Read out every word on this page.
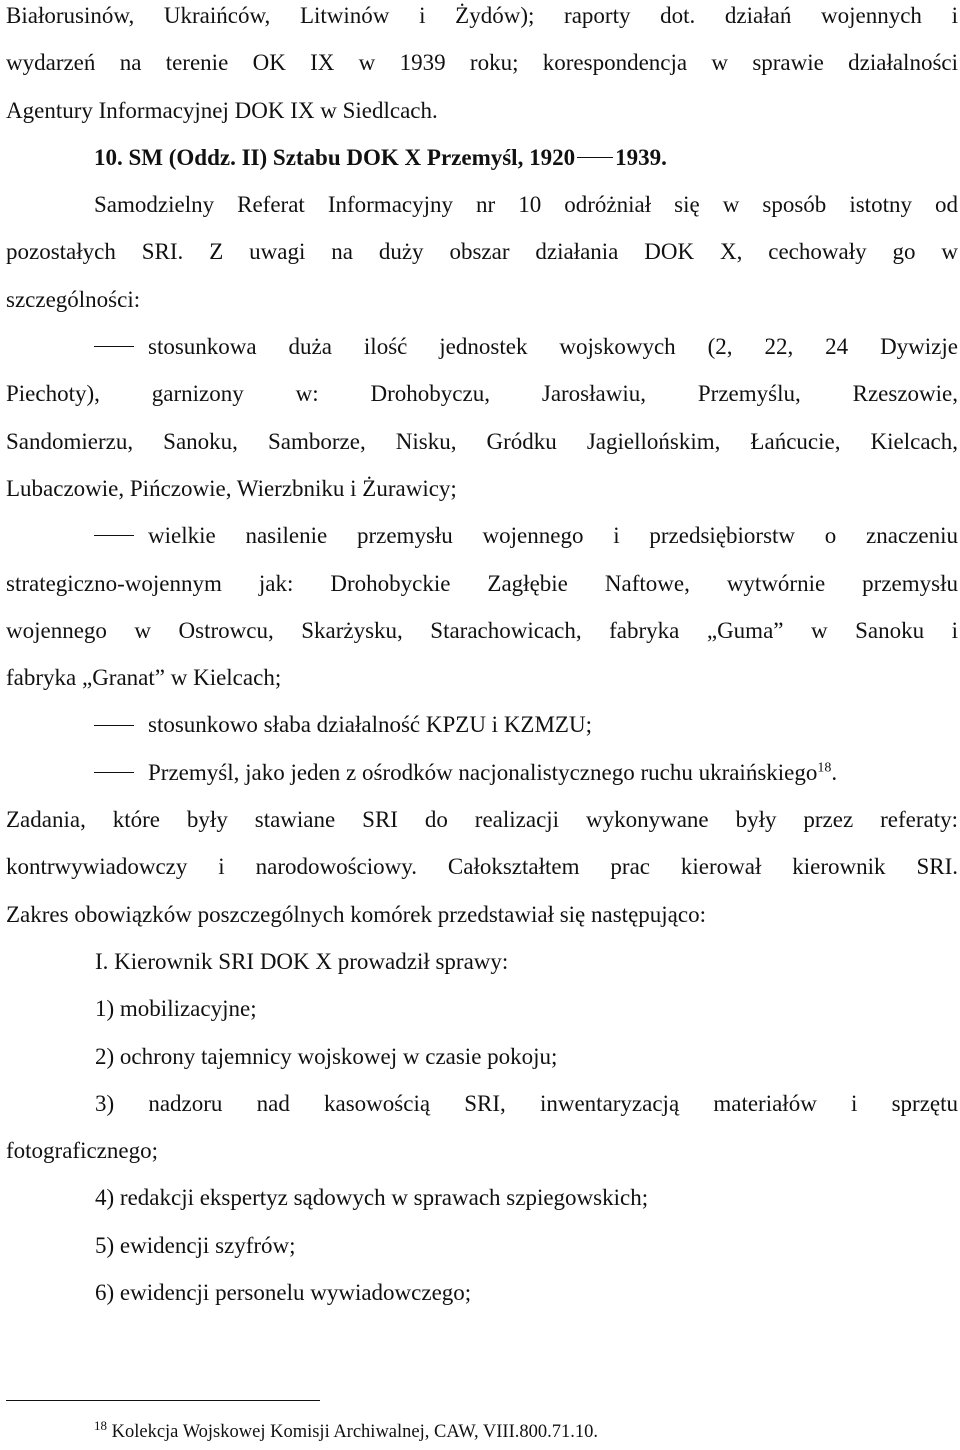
Białorusinów, Ukraińców, Litwinów i Żydów); raporty dot. działań wojennych i
wydarzeń na terenie OK IX w 1939 roku; korespondencja w sprawie działalności
Agentury Informacyjnej DOK IX w Siedlcach.
10. SM (Oddz. II) Sztabu DOK X Przemyśl, 1920 1939.
Samodzielny Referat Informacyjny nr 10 odróżniał się w sposób istotny od
pozostałych SRI. Z uwagi na duży obszar działania DOK X, cechowały go w
szczególności:
stosunkowa duża ilość jednostek wojskowych (2, 22, 24 Dywizje
Piechoty), garnizony w: Drohobyczu, Jarosławiu, Przemyślu, Rzeszowie,
Sandomierzu, Sanoku, Samborze, Nisku, Gródku Jagiellońskim, Łańcucie, Kielcach,
Lubaczowie, Pińczowie, Wierzbniku i Żurawicy;
wielkie nasilenie przemysłu wojennego i przedsiębiorstw o znaczeniu
strategiczno-wojennym jak: Drohobyckie Zagłębie Naftowe, wytwórnie przemysłu
wojennego w Ostrowcu, Skarżysku, Starachowicach, fabryka „Guma” w Sanoku i
fabryka „Granat” w Kielcach;
stosunkowo słaba działalność KPZU i KZMZU;
Przemyśl, jako jeden z ośrodków nacjonalistycznego ruchu ukraińskiego$^{18}$.
Zadania, które były stawiane SRI do realizacji wykonywane były przez referaty:
kontrwywiadowczy i narodowościowy. Całokształtem prac kierował kierownik SRI.
Zakres obowiązków poszczególnych komórek przedstawiał się następująco:
I. Kierownik SRI DOK X prowadził sprawy:
1) mobilizacyjne;
2) ochrony tajemnicy wojskowej w czasie pokoju;
3) nadzoru nad kasowością SRI, inwentaryzacją materiałów i sprzętu
fotograficznego;
4) redakcji ekspertyz sądowych w sprawach szpiegowskich;
5) ewidencji szyfrów;
6) ewidencji personelu wywiadowczego;
$^{18}$ Kolekcja Wojskowej Komisji Archiwalnej, CAW, VIII.800.71.10.
